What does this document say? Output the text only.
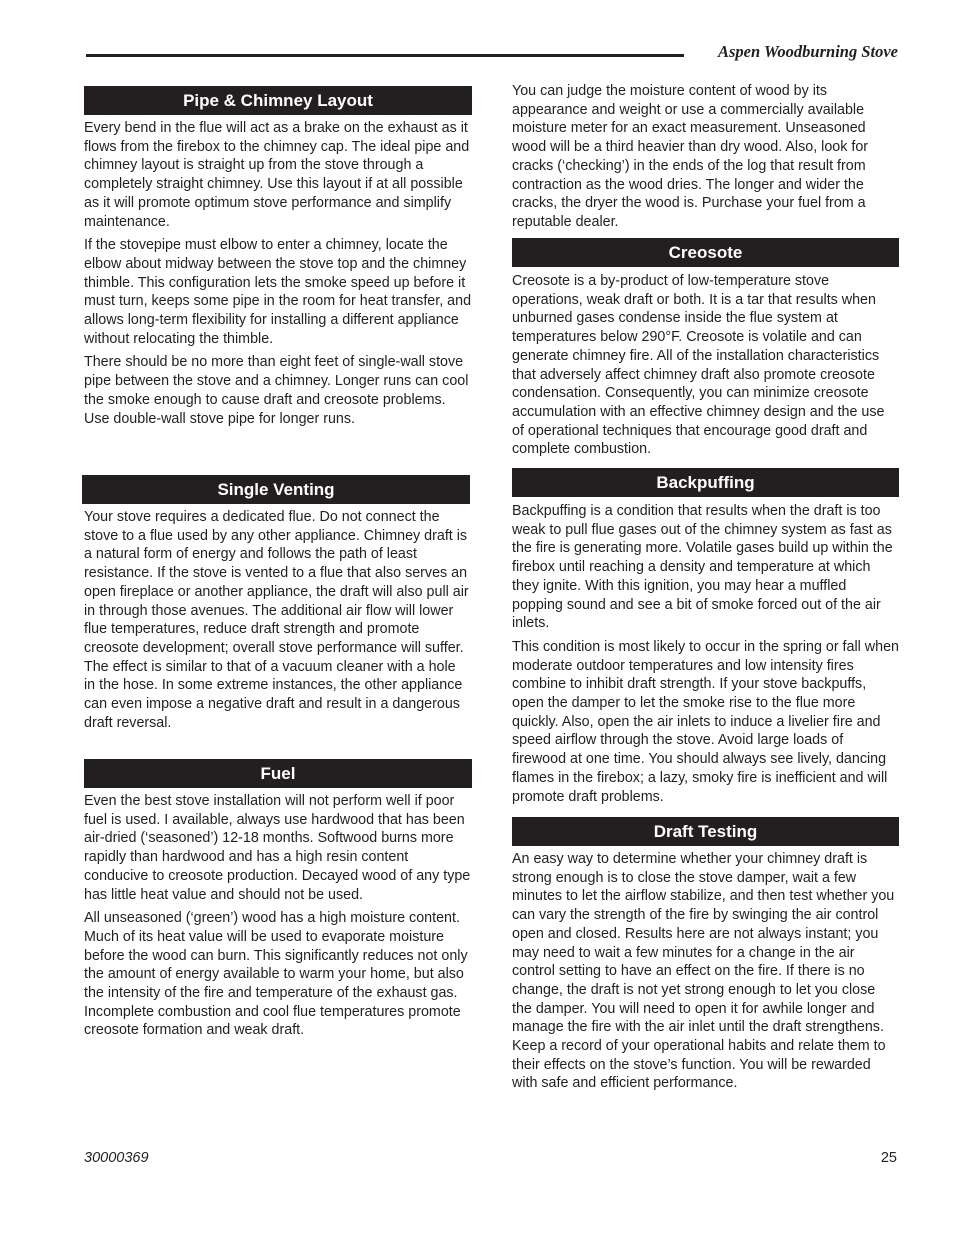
Aspen Woodburning Stove
Pipe & Chimney Layout

Every bend in the flue will act as a brake on the exhaust as it flows from the firebox to the chimney cap. The ideal pipe and chimney layout is straight up from the stove through a completely straight chimney. Use this layout if at all possible as it will promote optimum stove performance and simplify maintenance.

If the stovepipe must elbow to enter a chimney, locate the elbow about midway between the stove top and the chimney thimble. This configuration lets the smoke speed up before it must turn, keeps some pipe in the room for heat transfer, and allows long-term flexibility for installing a different appliance without relocating the thimble.

There should be no more than eight feet of single-wall stove pipe between the stove and a chimney. Longer runs can cool the smoke enough to cause draft and creosote problems. Use double-wall stove pipe for longer runs.

Single Venting

Your stove requires a dedicated flue. Do not connect the stove to a flue used by any other appliance. Chimney draft is a natural form of energy and follows the path of least resistance. If the stove is vented to a flue that also serves an open fireplace or another appliance, the draft will also pull air in through those avenues. The additional air flow will lower flue temperatures, reduce draft strength and promote creosote development; overall stove performance will suffer. The effect is similar to that of a vacuum cleaner with a hole in the hose. In some extreme instances, the other appliance can even impose a negative draft and result in a dangerous draft reversal.

Fuel

Even the best stove installation will not perform well if poor fuel is used. I available, always use hardwood that has been air-dried (‘seasoned’) 12-18 months. Softwood burns more rapidly than hardwood and has a high resin content conducive to creosote production. Decayed wood of any type has little heat value and should not be used.

All unseasoned (‘green’) wood has a high moisture content. Much of its heat value will be used to evaporate moisture before the wood can burn. This significantly reduces not only the amount of energy available to warm your home, but also the intensity of the fire and temperature of the exhaust gas. Incomplete combustion and cool flue temperatures promote creosote formation and weak draft.

You can judge the moisture content of wood by its appearance and weight or use a commercially available moisture meter for an exact measurement. Unseasoned wood will be a third heavier than dry wood. Also, look for cracks (‘checking’) in the ends of the log that result from contraction as the wood dries. The longer and wider the cracks, the dryer the wood is. Purchase your fuel from a reputable dealer.

Creosote

Creosote is a by-product of low-temperature stove operations, weak draft or both. It is a tar that results when unburned gases condense inside the flue system at temperatures below 290°F. Creosote is volatile and can generate chimney fire. All of the installation characteristics that adversely affect chimney draft also promote creosote condensation. Consequently, you can minimize creosote accumulation with an effective chimney design and the use of operational techniques that encourage good draft and complete combustion.

Backpuffing

Backpuffing is a condition that results when the draft is too weak to pull flue gases out of the chimney system as fast as the fire is generating more. Volatile gases build up within the firebox until reaching a density and temperature at which they ignite. With this ignition, you may hear a muffled popping sound and see a bit of smoke forced out of the air inlets.

This condition is most likely to occur in the spring or fall when moderate outdoor temperatures and low intensity fires combine to inhibit draft strength. If your stove backpuffs, open the damper to let the smoke rise to the flue more quickly. Also, open the air inlets to induce a livelier fire and speed airflow through the stove. Avoid large loads of firewood at one time. You should always see lively, dancing flames in the firebox; a lazy, smoky fire is inefficient and will promote draft problems.

Draft Testing

An easy way to determine whether your chimney draft is strong enough is to close the stove damper, wait a few minutes to let the airflow stabilize, and then test whether you can vary the strength of the fire by swinging the air control open and closed. Results here are not always instant; you may need to wait a few minutes for a change in the air control setting to have an effect on the fire. If there is no change, the draft is not yet strong enough to let you close the damper. You will need to open it for awhile longer and manage the fire with the air inlet until the draft strengthens. Keep a record of your operational habits and relate them to their effects on the stove’s function. You will be rewarded with safe and efficient performance.

30000369	25
